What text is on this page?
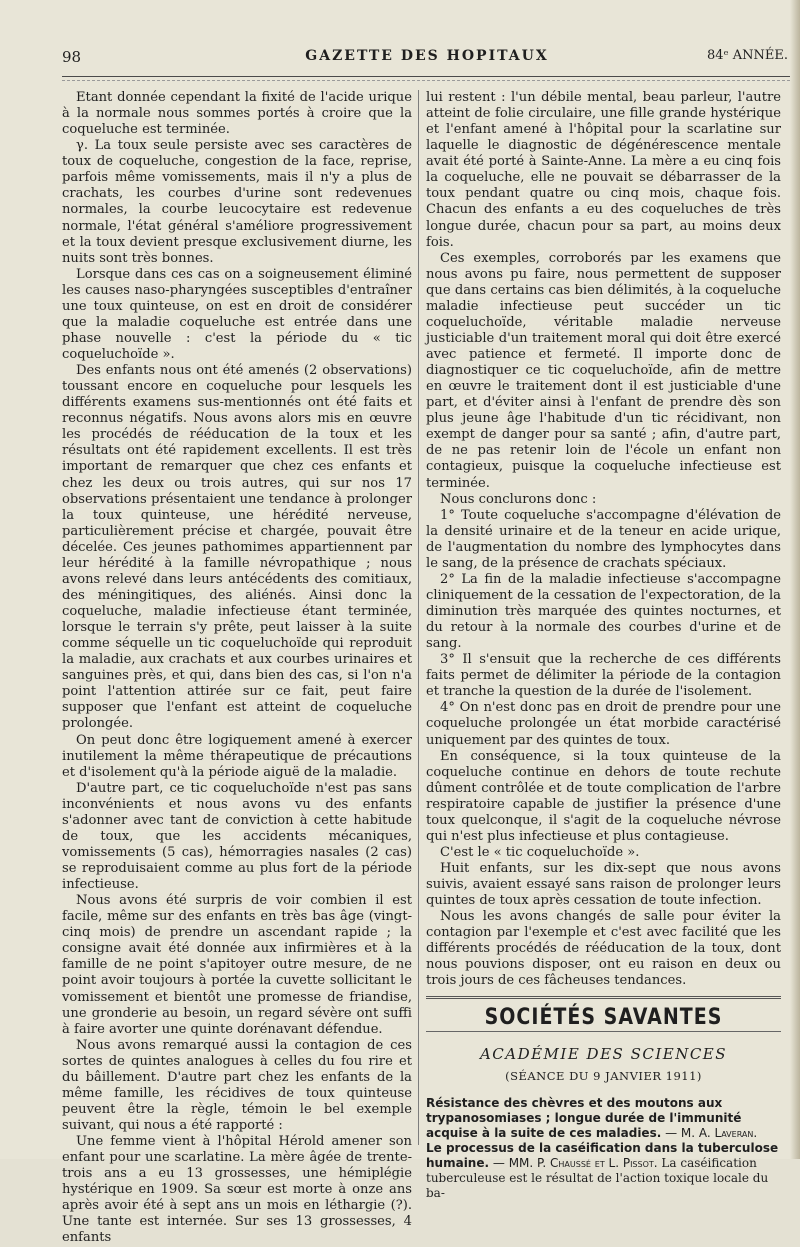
98	GAZETTE DES HOPITAUX	84ᵉ ANNÉE.

Etant donnée cependant la fixité de l'acide urique à la normale nous sommes portés à croire que la coqueluche est terminée.

γ. La toux seule persiste avec ses caractères de toux de coqueluche, congestion de la face, reprise, parfois même vomissements, mais il n'y a plus de crachats, les courbes d'urine sont redevenues normales, la courbe leucocytaire est redevenue normale, l'état général s'améliore progressivement et la toux devient presque exclusivement diurne, les nuits sont très bonnes.

Lorsque dans ces cas on a soigneusement éliminé les causes naso-pharyngées susceptibles d'entraîner une toux quinteuse, on est en droit de considérer que la maladie coqueluche est entrée dans une phase nouvelle : c'est la période du « tic coqueluchoïde ».

Des enfants nous ont été amenés (2 observations) toussant encore en coqueluche pour lesquels les différents examens sus-mentionnés ont été faits et reconnus négatifs. Nous avons alors mis en œuvre les procédés de rééducation de la toux et les résultats ont été rapidement excellents. Il est très important de remarquer que chez ces enfants et chez les deux ou trois autres, qui sur nos 17 observations présentaient une tendance à prolonger la toux quinteuse, une hérédité nerveuse, particulièrement précise et chargée, pouvait être décelée. Ces jeunes pathomimes appartiennent par leur hérédité à la famille névropathique ; nous avons relevé dans leurs antécédents des comitiaux, des méningitiques, des aliénés. Ainsi donc la coqueluche, maladie infectieuse étant terminée, lorsque le terrain s'y prête, peut laisser à la suite comme séquelle un tic coqueluchoïde qui reproduit la maladie, aux crachats et aux courbes urinaires et sanguines près, et qui, dans bien des cas, si l'on n'a point l'attention attirée sur ce fait, peut faire supposer que l'enfant est atteint de coqueluche prolongée.

On peut donc être logiquement amené à exercer inutilement la même thérapeutique de précautions et d'isolement qu'à la période aiguë de la maladie.

D'autre part, ce tic coqueluchoïde n'est pas sans inconvénients et nous avons vu des enfants s'adonner avec tant de conviction à cette habitude de toux, que les accidents mécaniques, vomissements (5 cas), hémorragies nasales (2 cas) se reproduisaient comme au plus fort de la période infectieuse.

Nous avons été surpris de voir combien il est facile, même sur des enfants en très bas âge (vingt-cinq mois) de prendre un ascendant rapide ; la consigne avait été donnée aux infirmières et à la famille de ne point s'apitoyer outre mesure, de ne point avoir toujours à portée la cuvette sollicitant le vomissement et bientôt une promesse de friandise, une gronderie au besoin, un regard sévère ont suffi à faire avorter une quinte dorénavant défendue.

Nous avons remarqué aussi la contagion de ces sortes de quintes analogues à celles du fou rire et du bâillement. D'autre part chez les enfants de la même famille, les récidives de toux quinteuse peuvent être la règle, témoin le bel exemple suivant, qui nous a été rapporté :

Une femme vient à l'hôpital Hérold amener son enfant pour une scarlatine. La mère âgée de trente-trois ans a eu 13 grossesses, une hémiplégie hystérique en 1909. Sa sœur est morte à onze ans après avoir été à sept ans un mois en léthargie (?). Une tante est internée. Sur ses 13 grossesses, 4 enfants

lui restent : l'un débile mental, beau parleur, l'autre atteint de folie circulaire, une fille grande hystérique et l'enfant amené à l'hôpital pour la scarlatine sur laquelle le diagnostic de dégénérescence mentale avait été porté à Sainte-Anne. La mère a eu cinq fois la coqueluche, elle ne pouvait se débarrasser de la toux pendant quatre ou cinq mois, chaque fois. Chacun des enfants a eu des coqueluches de très longue durée, chacun pour sa part, au moins deux fois.

Ces exemples, corroborés par les examens que nous avons pu faire, nous permettent de supposer que dans certains cas bien délimités, à la coqueluche maladie infectieuse peut succéder un tic coqueluchoïde, véritable maladie nerveuse justiciable d'un traitement moral qui doit être exercé avec patience et fermeté. Il importe donc de diagnostiquer ce tic coqueluchoïde, afin de mettre en œuvre le traitement dont il est justiciable d'une part, et d'éviter ainsi à l'enfant de prendre dès son plus jeune âge l'habitude d'un tic récidivant, non exempt de danger pour sa santé ; afin, d'autre part, de ne pas retenir loin de l'école un enfant non contagieux, puisque la coqueluche infectieuse est terminée.

Nous conclurons donc :

1° Toute coqueluche s'accompagne d'élévation de la densité urinaire et de la teneur en acide urique, de l'augmentation du nombre des lymphocytes dans le sang, de la présence de crachats spéciaux.

2° La fin de la maladie infectieuse s'accompagne cliniquement de la cessation de l'expectoration, de la diminution très marquée des quintes nocturnes, et du retour à la normale des courbes d'urine et de sang.

3° Il s'ensuit que la recherche de ces différents faits permet de délimiter la période de la contagion et tranche la question de la durée de l'isolement.

4° On n'est donc pas en droit de prendre pour une coqueluche prolongée un état morbide caractérisé uniquement par des quintes de toux.

En conséquence, si la toux quinteuse de la coqueluche continue en dehors de toute rechute dûment contrôlée et de toute complication de l'arbre respiratoire capable de justifier la présence d'une toux quelconque, il s'agit de la coqueluche névrose qui n'est plus infectieuse et plus contagieuse.

C'est le « tic coqueluchoïde ».

Huit enfants, sur les dix-sept que nous avons suivis, avaient essayé sans raison de prolonger leurs quintes de toux après cessation de toute infection.

Nous les avons changés de salle pour éviter la contagion par l'exemple et c'est avec facilité que les différents procédés de rééducation de la toux, dont nous pouvions disposer, ont eu raison en deux ou trois jours de ces fâcheuses tendances.

SOCIÉTÉS SAVANTES
ACADÉMIE DES SCIENCES
(SÉANCE DU 9 JANVIER 1911)

Résistance des chèvres et des moutons aux trypanosomiases ; longue durée de l'immunité acquise à la suite de ces maladies. — M. A. Laveran.

Le processus de la caséification dans la tuberculose humaine. — MM. P. Chaussé et L. Pissot. La caséification tuberculeuse est le résultat de l'action toxique locale du ba-
